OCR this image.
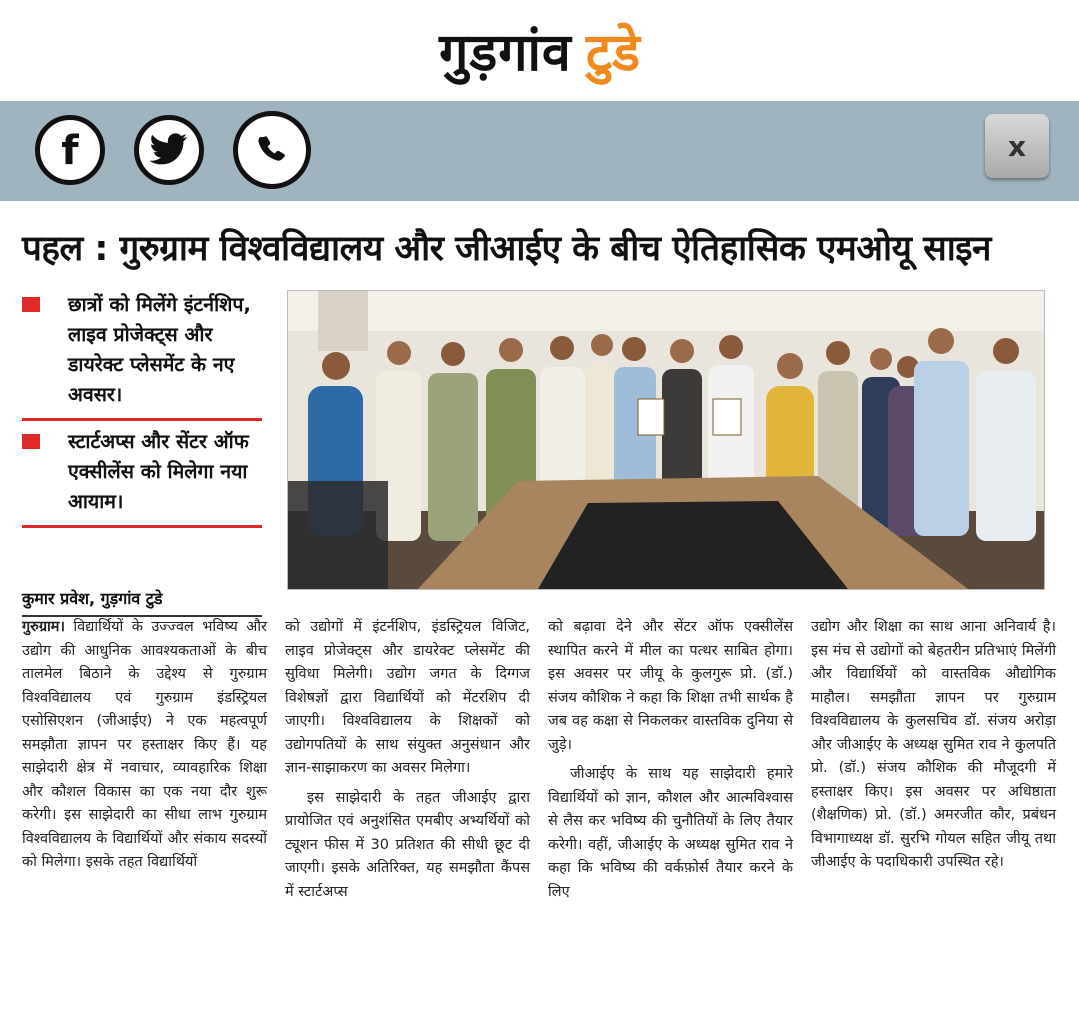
गुड़गांव टुडे
f	x
पहल : गुरुग्राम विश्वविद्यालय और जीआईए के बीच ऐतिहासिक एमओयू साइन
छात्रों को मिलेंगे इंटर्नशिप, लाइव प्रोजेक्ट्स और डायरेक्ट प्लेसमेंट के नए अवसर।
स्टार्टअप्स और सेंटर ऑफ एक्सीलेंस को मिलेगा नया आयाम।
कुमार प्रवेश, गुड़गांव टुडे

गुरुग्राम। विद्यार्थियों के उज्ज्वल भविष्य और उद्योग की आधुनिक आवश्यकताओं के बीच तालमेल बिठाने के उद्देश्य से गुरुग्राम विश्वविद्यालय एवं गुरुग्राम इंडस्ट्रियल एसोसिएशन (जीआईए) ने एक महत्वपूर्ण समझौता ज्ञापन पर हस्ताक्षर किए हैं। यह साझेदारी क्षेत्र में नवाचार, व्यावहारिक शिक्षा और कौशल विकास का एक नया दौर शुरू करेगी। इस साझेदारी का सीधा लाभ गुरुग्राम विश्वविद्यालय के विद्यार्थियों और संकाय सदस्यों को मिलेगा। इसके तहत विद्यार्थियों

को उद्योगों में इंटर्नशिप, इंडस्ट्रियल विजिट, लाइव प्रोजेक्ट्स और डायरेक्ट प्लेसमेंट की सुविधा मिलेगी। उद्योग जगत के दिग्गज विशेषज्ञों द्वारा विद्यार्थियों को मेंटरशिप दी जाएगी। विश्वविद्यालय के शिक्षकों को उद्योगपतियों के साथ संयुक्त अनुसंधान और ज्ञान-साझाकरण का अवसर मिलेगा।

इस साझेदारी के तहत जीआईए द्वारा प्रायोजित एवं अनुशंसित एमबीए अभ्यर्थियों को ट्यूशन फीस में 30 प्रतिशत की सीधी छूट दी जाएगी। इसके अतिरिक्त, यह समझौता कैंपस में स्टार्टअप्स

को बढ़ावा देने और सेंटर ऑफ एक्सीलेंस स्थापित करने में मील का पत्थर साबित होगा। इस अवसर पर जीयू के कुलगुरू प्रो. (डॉ.) संजय कौशिक ने कहा कि शिक्षा तभी सार्थक है जब वह कक्षा से निकलकर वास्तविक दुनिया से जुड़े।

जीआईए के साथ यह साझेदारी हमारे विद्यार्थियों को ज्ञान, कौशल और आत्मविश्वास से लैस कर भविष्य की चुनौतियों के लिए तैयार करेगी। वहीं, जीआईए के अध्यक्ष सुमित राव ने कहा कि भविष्य की वर्कफ़ोर्स तैयार करने के लिए

उद्योग और शिक्षा का साथ आना अनिवार्य है। इस मंच से उद्योगों को बेहतरीन प्रतिभाएं मिलेंगी और विद्यार्थियों को वास्तविक औद्योगिक माहौल। समझौता ज्ञापन पर गुरुग्राम विश्वविद्यालय के कुलसचिव डॉ. संजय अरोड़ा और जीआईए के अध्यक्ष सुमित राव ने कुलपति प्रो. (डॉ.) संजय कौशिक की मौजूदगी में हस्ताक्षर किए। इस अवसर पर अधिष्ठाता (शैक्षणिक) प्रो. (डॉ.) अमरजीत कौर, प्रबंधन विभागाध्यक्ष डॉ. सुरभि गोयल सहित जीयू तथा जीआईए के पदाधिकारी उपस्थित रहे।
